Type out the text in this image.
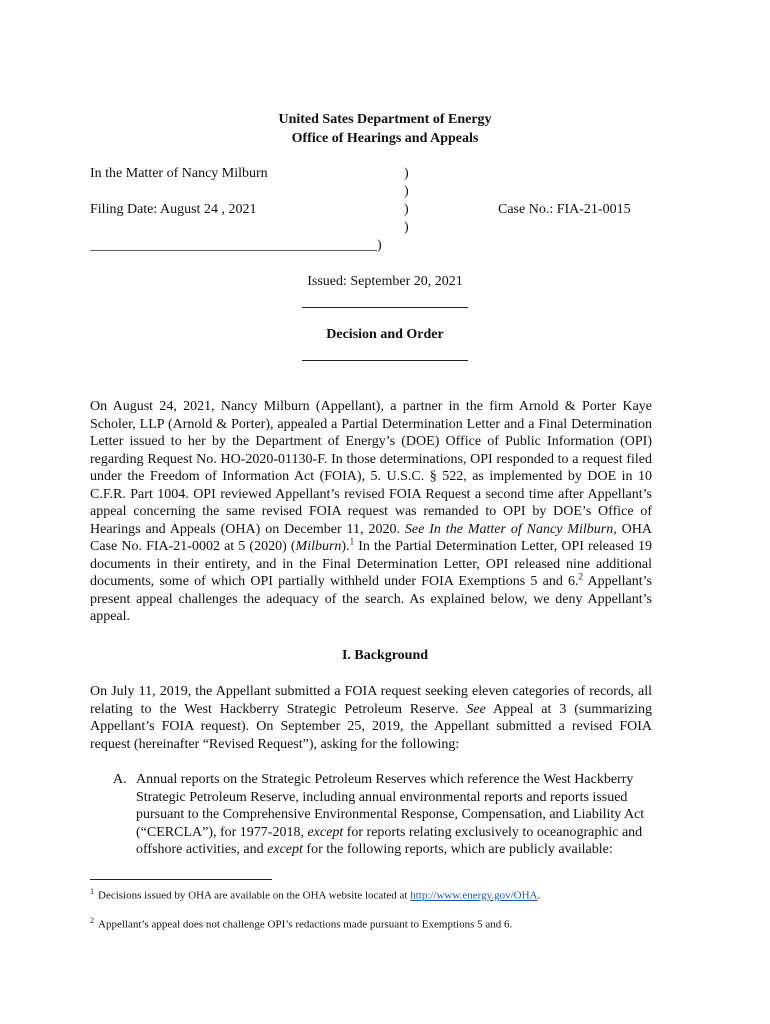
United Sates Department of Energy
Office of Hearings and Appeals
In the Matter of Nancy Milburn	)
)
Filing Date: August 24 , 2021	)	Case No.: FIA-21-0015
)
_________________________________________)
Issued: September 20, 2021
Decision and Order

On August 24, 2021, Nancy Milburn (Appellant), a partner in the firm Arnold & Porter Kaye Scholer, LLP (Arnold & Porter), appealed a Partial Determination Letter and a Final Determination Letter issued to her by the Department of Energy’s (DOE) Office of Public Information (OPI) regarding Request No. HO-2020-01130-F. In those determinations, OPI responded to a request filed under the Freedom of Information Act (FOIA), 5. U.S.C. § 522, as implemented by DOE in 10 C.F.R. Part 1004. OPI reviewed Appellant’s revised FOIA Request a second time after Appellant’s appeal concerning the same revised FOIA request was remanded to OPI by DOE’s Office of Hearings and Appeals (OHA) on December 11, 2020. See In the Matter of Nancy Milburn, OHA Case No. FIA-21-0002 at 5 (2020) (Milburn).$^1$ In the Partial Determination Letter, OPI released 19 documents in their entirety, and in the Final Determination Letter, OPI released nine additional documents, some of which OPI partially withheld under FOIA Exemptions 5 and 6.$^2$ Appellant’s present appeal challenges the adequacy of the search. As explained below, we deny Appellant’s appeal.

I. Background

On July 11, 2019, the Appellant submitted a FOIA request seeking eleven categories of records, all relating to the West Hackberry Strategic Petroleum Reserve. See Appeal at 3 (summarizing Appellant’s FOIA request). On September 25, 2019, the Appellant submitted a revised FOIA request (hereinafter “Revised Request”), asking for the following:

A. Annual reports on the Strategic Petroleum Reserves which reference the West Hackberry Strategic Petroleum Reserve, including annual environmental reports and reports issued pursuant to the Comprehensive Environmental Response, Compensation, and Liability Act (“CERCLA”), for 1977-2018, except for reports relating exclusively to oceanographic and offshore activities, and except for the following reports, which are publicly available:
$^1$ Decisions issued by OHA are available on the OHA website located at http://www.energy.gov/OHA.
$^2$ Appellant’s appeal does not challenge OPI’s redactions made pursuant to Exemptions 5 and 6.
